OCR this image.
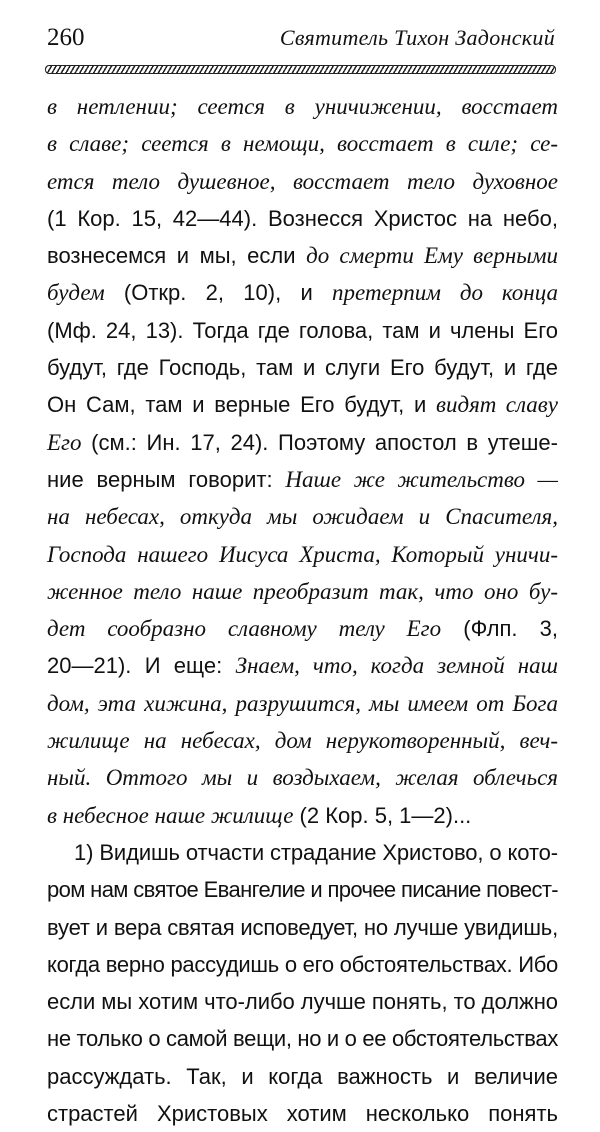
260	Святитель Тихон Задонский
в нетлении; сеется в уничижении, восстает
в славе; сеется в немощи, восстает в силе; се-
ется тело душевное, восстает тело духовное
(1 Кор. 15, 42—44). Вознесся Христос на небо,
вознесемся и мы, если до смерти Ему верными
будем (Откр. 2, 10), и претерпим до конца
(Мф. 24, 13). Тогда где голова, там и члены Его
будут, где Господь, там и слуги Его будут, и где
Он Сам, там и верные Его будут, и видят славу
Его (см.: Ин. 17, 24). Поэтому апостол в утеше-
ние верным говорит: Наше же жительство —
на небесах, откуда мы ожидаем и Спасителя,
Господа нашего Иисуса Христа, Который уничи-
женное тело наше преобразит так, что оно бу-
дет сообразно славному телу Его (Флп. 3,
20—21). И еще: Знаем, что, когда земной наш
дом, эта хижина, разрушится, мы имеем от Бога
жилище на небесах, дом нерукотворенный, веч-
ный. Оттого мы и воздыхаем, желая облечься
в небесное наше жилище (2 Кор. 5, 1—2)...
1) Видишь отчасти страдание Христово, о кото-
ром нам святое Евангелие и прочее писание повест-
вует и вера святая исповедует, но лучше увидишь,
когда верно рассудишь о его обстоятельствах. Ибо
если мы хотим что-либо лучше понять, то должно
не только о самой вещи, но и о ее обстоятельствах
рассуждать. Так, и когда важность и величие
страстей Христовых хотим несколько понять
